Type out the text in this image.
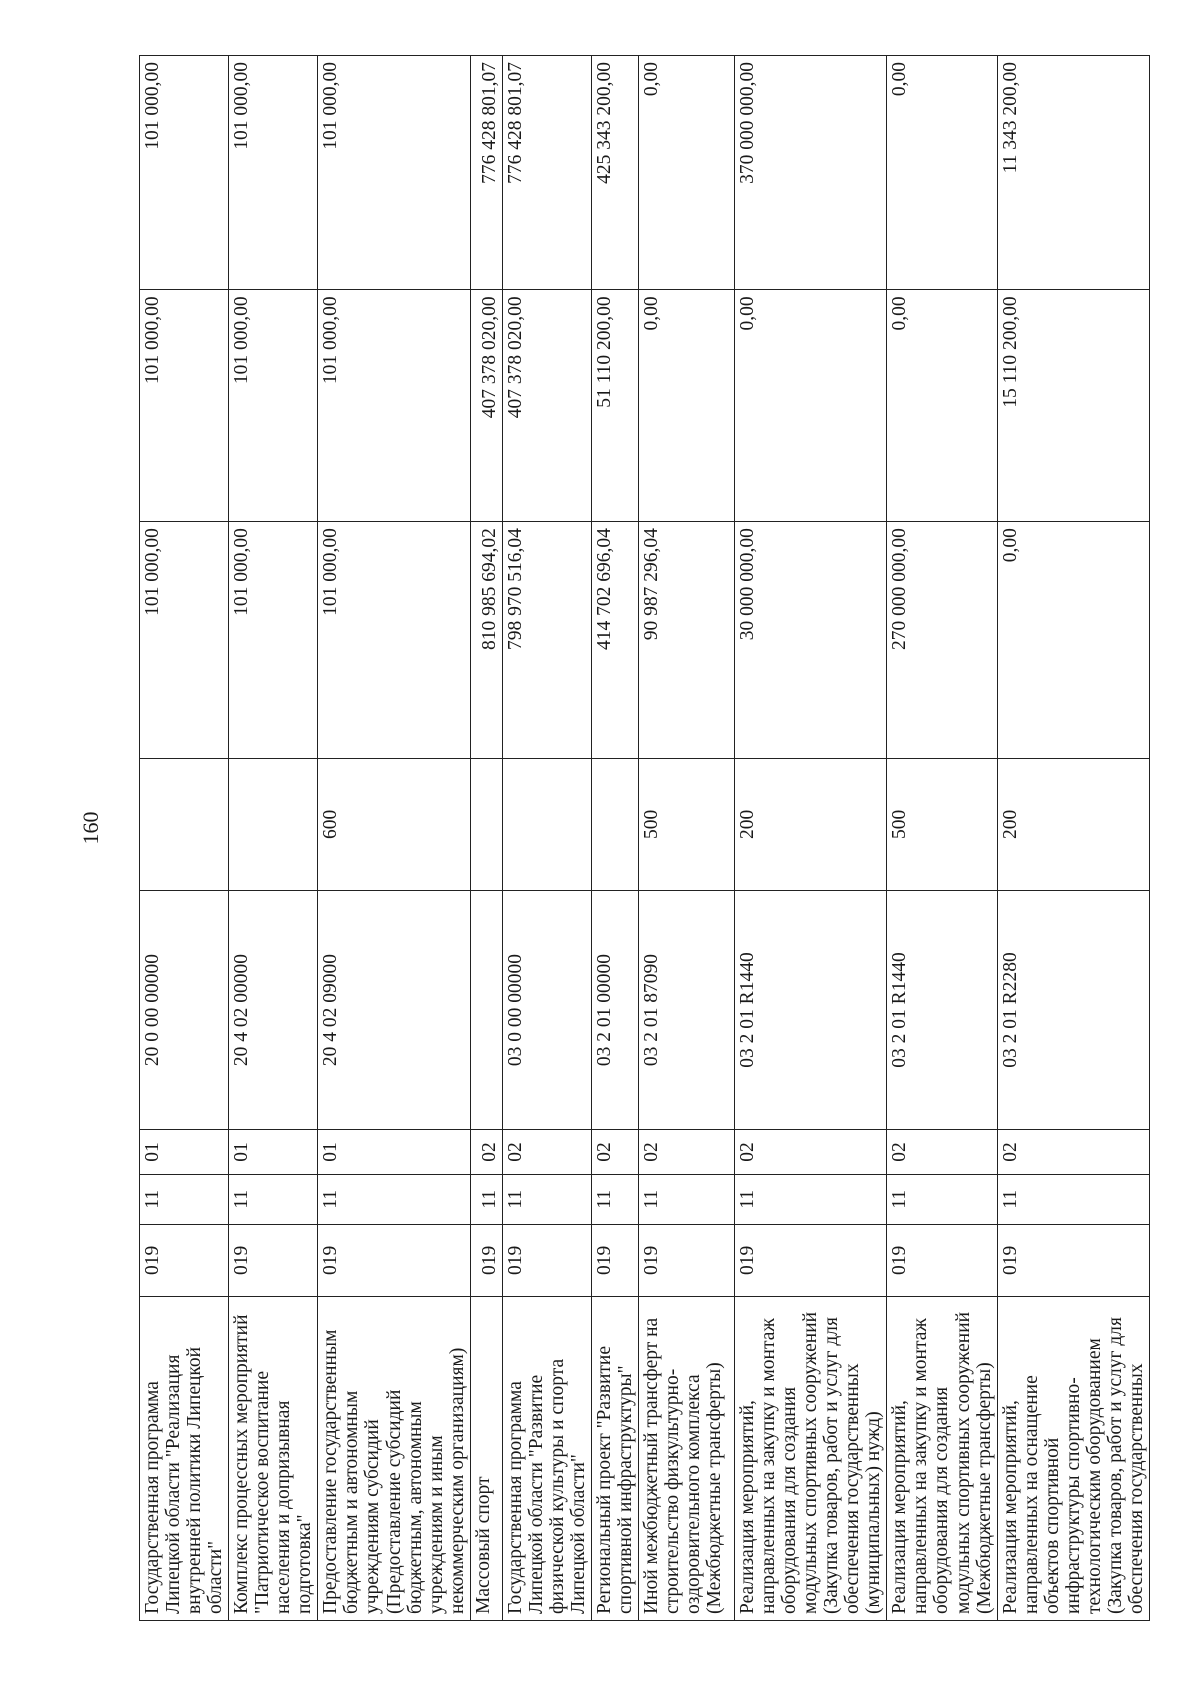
160
Государственная программа Липецкой области "Реализация внутренней политики Липецкой области"	019	11	01	20 0 00 00000		101 000,00	101 000,00	101 000,00
Комплекс процессных мероприятий "Патриотическое воспитание населения и допризывная подготовка"	019	11	01	20 4 02 00000		101 000,00	101 000,00	101 000,00
Предоставление государственным бюджетным и автономным учреждениям субсидий (Предоставление субсидий бюджетным, автономным учреждениям и иным некоммерческим организациям)	019	11	01	20 4 02 09000	600	101 000,00	101 000,00	101 000,00
Массовый спорт	019	11	02			810 985 694,02	407 378 020,00	776 428 801,07
Государственная программа Липецкой области "Развитие физической культуры и спорта Липецкой области"	019	11	02	03 0 00 00000		798 970 516,04	407 378 020,00	776 428 801,07
Региональный проект "Развитие спортивной инфраструктуры"	019	11	02	03 2 01 00000		414 702 696,04	51 110 200,00	425 343 200,00
Иной межбюджетный трансферт на строительство физкультурно-оздоровительного комплекса (Межбюджетные трансферты)	019	11	02	03 2 01 87090	500	90 987 296,04	0,00	0,00
Реализация мероприятий, направленных на закупку и монтаж оборудования для создания модульных спортивных сооружений (Закупка товаров, работ и услуг для обеспечения государственных (муниципальных) нужд)	019	11	02	03 2 01 R1440	200	30 000 000,00	0,00	370 000 000,00
Реализация мероприятий, направленных на закупку и монтаж оборудования для создания модульных спортивных сооружений (Межбюджетные трансферты)	019	11	02	03 2 01 R1440	500	270 000 000,00	0,00	0,00
Реализация мероприятий, направленных на оснащение объектов спортивной инфраструктуры спортивно-технологическим оборудованием (Закупка товаров, работ и услуг для обеспечения государственных	019	11	02	03 2 01 R2280	200	0,00	15 110 200,00	11 343 200,00
